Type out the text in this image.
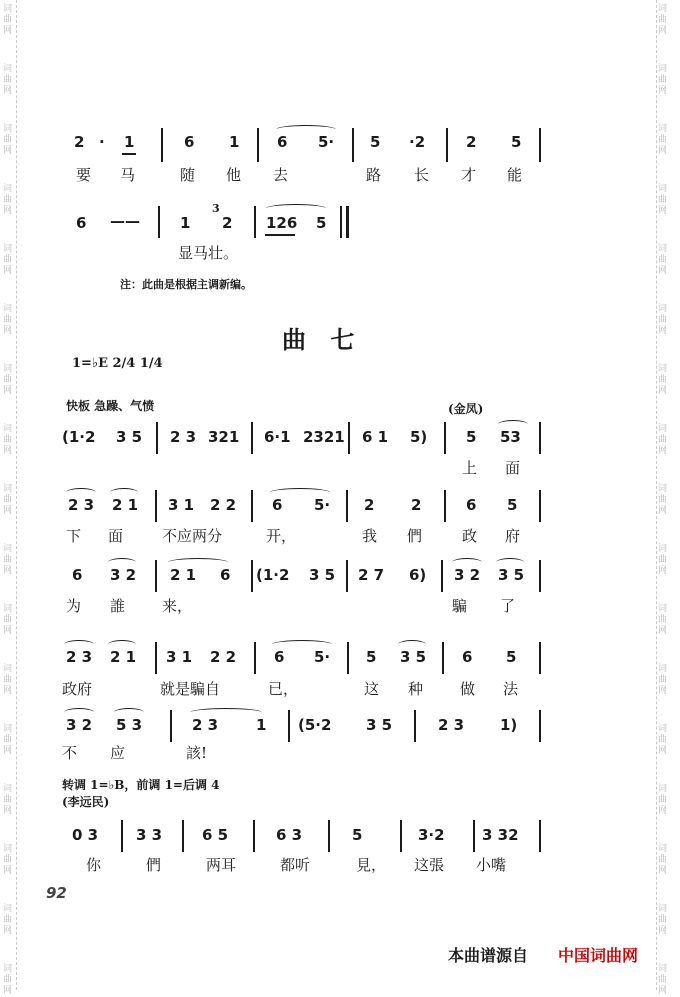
词
曲
网
词
曲
网
词
曲
网
词
曲
网
词
曲
网
词
曲
网
词
曲
网
词
曲
网
词
曲
网
词
曲
网
词
曲
网
词
曲
网
词
曲
网
词
曲
网
词
曲
网
词
曲
网
词
曲
网
词
曲
网
词
曲
网
词
曲
网
词
曲
网
词
曲
网
词
曲
网
词
曲
网
词
曲
网
词
曲
网
词
曲
网
词
曲
网
词
曲
网
词
曲
网
词
曲
网
词
曲
网
词
曲
网
词
曲
网
2 · 1	6 1	6 5· 5 ·2	2 5
要 马	随 他 去	路 长 才 能
6 ——	1
3
2 126 5
显马壮。
注：此曲是根据主调新编。
曲 七
1=♭E 2/4 1/4
快板 急躁、气愤	(金凤)
(1·2 3 5 2 3 321 6·1 2321 6 1 5)	5 53
上 面
2 3 2 1 3 1 2 2 6 5· 2 2	6 5
下 面	不应两分	开，	我 們	政 府
6 3 2 2 1 6 (1·2 3 5 2 7 6) 3 2 3 5
为 誰 来，	騙 了
2 3 2 1 3 1 2 2	6 5· 5 3 5 6 5
政府	就是騙自	已，	这 种 做 法
3 2 5 3	2 3	1 (5·2 3 5	2 3 1)
不 应	該!
转调 1=♭B，前调 1=后调 4
(李远民)
0 3	3 3	6 5	6 3	5	3·2 3 32
你	們	两耳	都听	見， 这張 小嘴
92
本曲谱源自 中国词曲网
